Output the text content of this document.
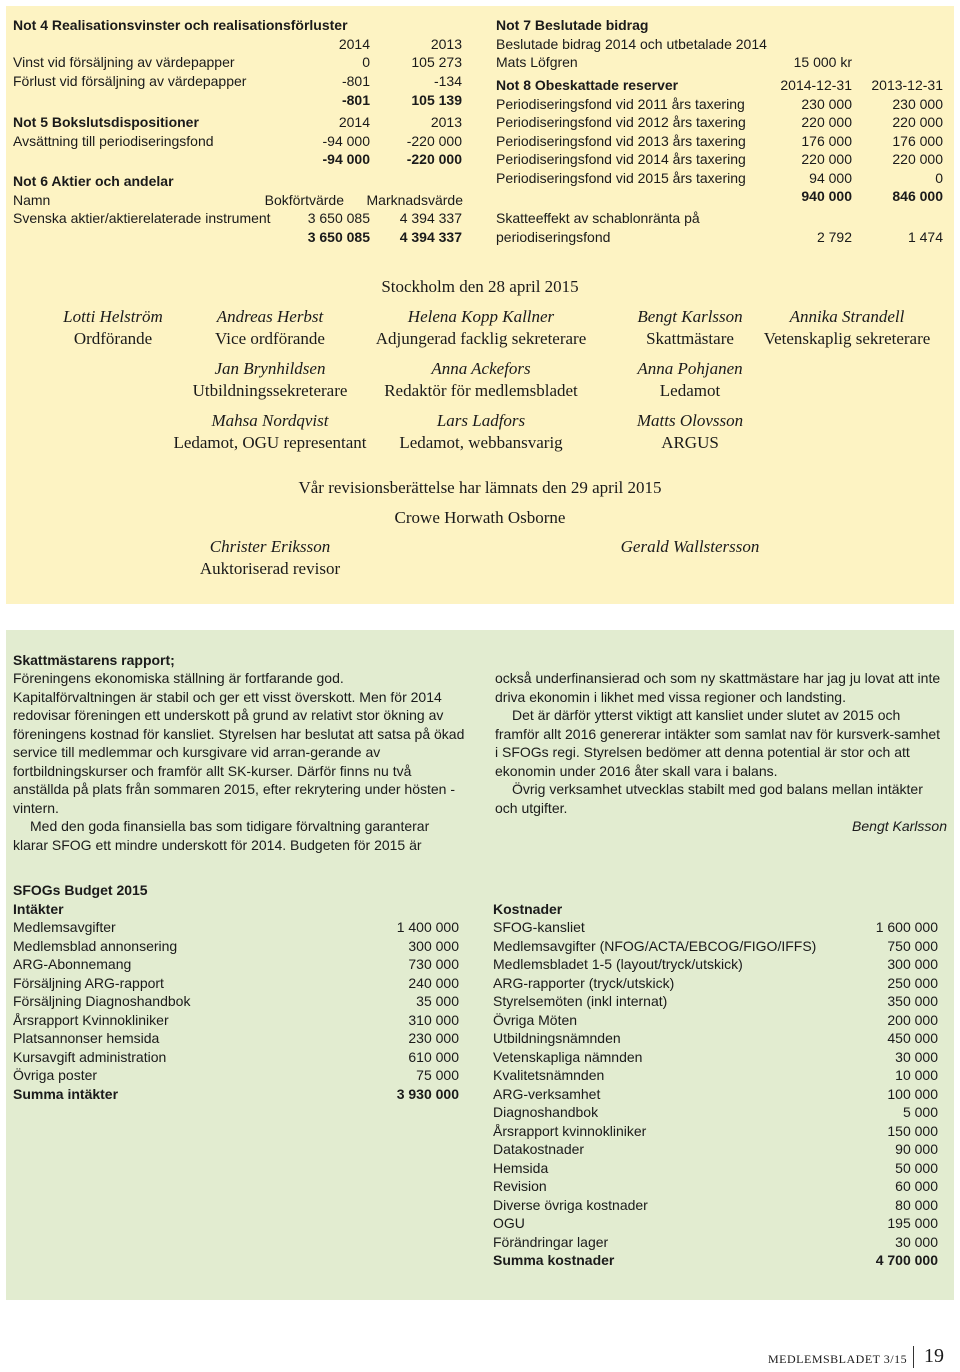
Not 4 Realisationsvinster och realisationsförluster
2014	2013
Vinst vid försäljning av värdepapper	0	105 273
Förlust vid försäljning av värdepapper	-801	-134
-801	105 139
Not 5 Bokslutsdispositioner	2014	2013
Avsättning till periodiseringsfond	-94 000	-220 000
-94 000	-220 000
Not 6 Aktier och andelar
Namn	Bokförtvärde	Marknadsvärde
Svenska aktier/aktierelaterade instrument	3 650 085	4 394 337
3 650 085	4 394 337
Not 7 Beslutade bidrag
Beslutade bidrag 2014 och utbetalade 2014
Mats Löfgren	15 000 kr
Not 8 Obeskattade reserver	2014-12-31	2013-12-31
Periodiseringsfond vid 2011 års taxering	230 000	230 000
Periodiseringsfond vid 2012 års taxering	220 000	220 000
Periodiseringsfond vid 2013 års taxering	176 000	176 000
Periodiseringsfond vid 2014 års taxering	220 000	220 000
Periodiseringsfond vid 2015 års taxering	94 000	0
940 000	846 000
Skatteeffekt av schablonränta på
periodiseringsfond	2 792	1 474
Stockholm den 28 april 2015
Lotti Helström
Ordförande
Andreas Herbst
Vice ordförande
Helena Kopp Kallner
Adjungerad facklig sekreterare
Bengt Karlsson
Skattmästare
Annika Strandell
Vetenskaplig sekreterare
Jan Brynhildsen
Utbildningssekreterare
Anna Ackefors
Redaktör för medlemsbladet
Anna Pohjanen
Ledamot
Mahsa Nordqvist
Ledamot, OGU representant
Lars Ladfors
Ledamot, webbansvarig
Matts Olovsson
ARGUS
Vår revisionsberättelse har lämnats den 29 april 2015
Crowe Horwath Osborne
Christer Eriksson
Auktoriserad revisor
Gerald Wallstersson
Skattmästarens rapport;

Föreningens ekonomiska ställning är fortfarande god. Kapitalförvaltningen är stabil och ger ett visst överskott. Men för 2014 redovisar föreningen ett underskott på grund av relativt stor ökning av föreningens kostnad för kansliet. Styrelsen har beslutat att satsa på ökad service till medlemmar och kursgivare vid arran-gerande av fortbildningskurser och framför allt SK-kurser. Därför finns nu två anställda på plats från sommaren 2015, efter rekrytering under hösten - vintern.

Med den goda finansiella bas som tidigare förvaltning garanterar klarar SFOG ett mindre underskott för 2014. Budgeten för 2015 är

också underfinansierad och som ny skattmästare har jag ju lovat att inte driva ekonomin i likhet med vissa regioner och landsting.

Det är därför ytterst viktigt att kansliet under slutet av 2015 och framför allt 2016 genererar intäkter som samlat nav för kursverk-samhet i SFOGs regi. Styrelsen bedömer att denna potential är stor och att ekonomin under 2016 åter skall vara i balans.

Övrig verksamhet utvecklas stabilt med god balans mellan intäkter och utgifter.

Bengt Karlsson

SFOGs Budget 2015
Intäkter
Medlemsavgifter	1 400 000
Medlemsblad annonsering	300 000
ARG-Abonnemang	730 000
Försäljning ARG-rapport	240 000
Försäljning Diagnoshandbok	35 000
Årsrapport Kvinnokliniker	310 000
Platsannonser hemsida	230 000
Kursavgift administration	610 000
Övriga poster	75 000
Summa intäkter	3 930 000
Kostnader
SFOG-kansliet	1 600 000
Medlemsavgifter (NFOG/ACTA/EBCOG/FIGO/IFFS)	750 000
Medlemsbladet 1-5 (layout/tryck/utskick)	300 000
ARG-rapporter (tryck/utskick)	250 000
Styrelsemöten (inkl internat)	350 000
Övriga Möten	200 000
Utbildningsnämnden	450 000
Vetenskapliga nämnden	30 000
Kvalitetsnämnden	10 000
ARG-verksamhet	100 000
Diagnoshandbok	5 000
Årsrapport kvinnokliniker	150 000
Datakostnader	90 000
Hemsida	50 000
Revision	60 000
Diverse övriga kostnader	80 000
OGU	195 000
Förändringar lager	30 000
Summa kostnader	4 700 000
MEDLEMSBLADET 3/15 19
